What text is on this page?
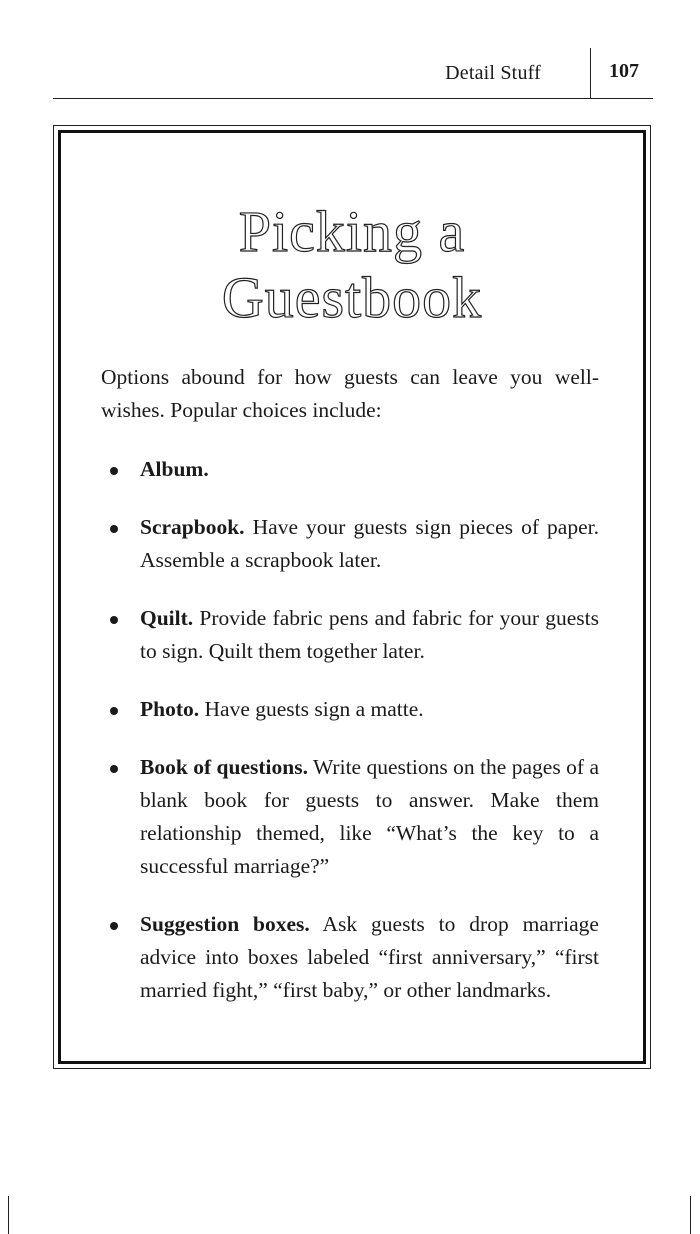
Detail Stuff	107
Picking a
Guestbook

Options abound for how guests can leave you well-wishes. Popular choices include:

Album.
Scrapbook. Have your guests sign pieces of paper. Assemble a scrapbook later.
Quilt. Provide fabric pens and fabric for your guests to sign. Quilt them together later.
Photo. Have guests sign a matte.
Book of questions. Write questions on the pages of a blank book for guests to answer. Make them relationship themed, like “What’s the key to a successful marriage?”
Suggestion boxes. Ask guests to drop marriage advice into boxes labeled “first anniversary,” “first married fight,” “first baby,” or other landmarks.
